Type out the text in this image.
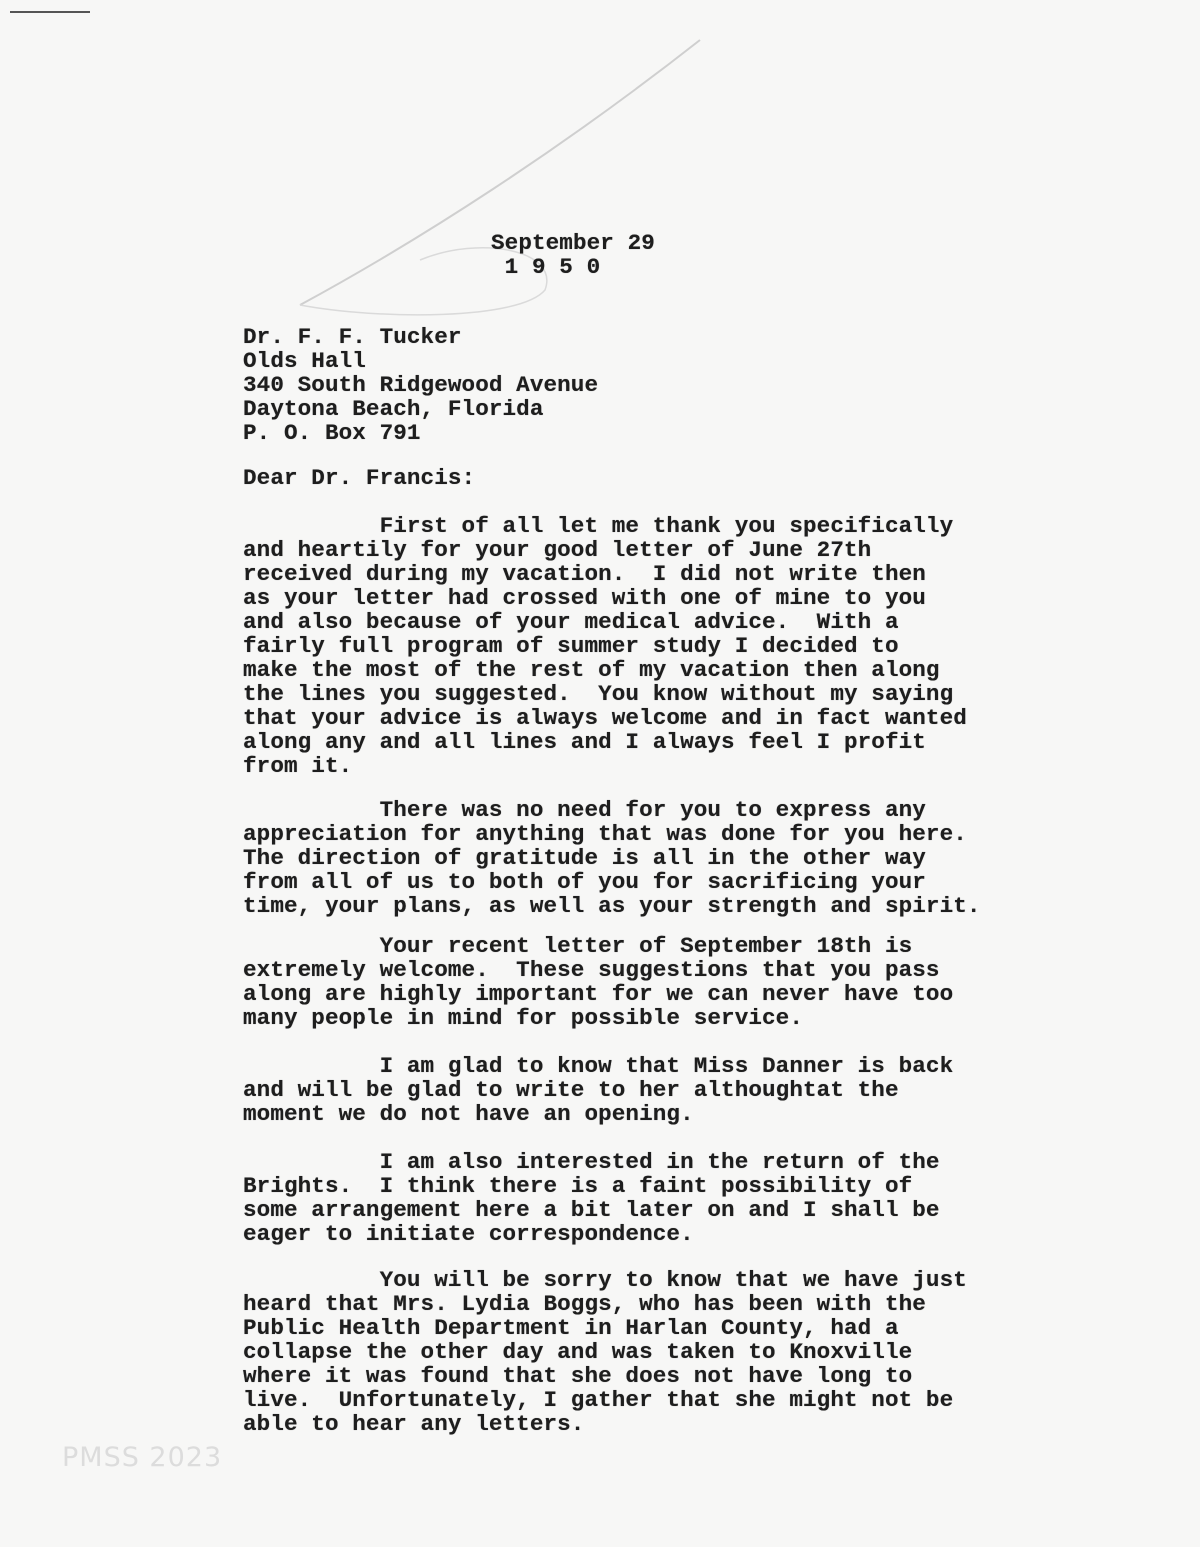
September 29
1 9 5 0
Dr. F. F. Tucker
Olds Hall
340 South Ridgewood Avenue
Daytona Beach, Florida
P. O. Box 791
Dear Dr. Francis:
First of all let me thank you specifically
and heartily for your good letter of June 27th
received during my vacation.  I did not write then
as your letter had crossed with one of mine to you
and also because of your medical advice.  With a
fairly full program of summer study I decided to
make the most of the rest of my vacation then along
the lines you suggested.  You know without my saying
that your advice is always welcome and in fact wanted
along any and all lines and I always feel I profit
from it.
There was no need for you to express any
appreciation for anything that was done for you here.
The direction of gratitude is all in the other way
from all of us to both of you for sacrificing your
time, your plans, as well as your strength and spirit.
Your recent letter of September 18th is
extremely welcome.  These suggestions that you pass
along are highly important for we can never have too
many people in mind for possible service.
I am glad to know that Miss Danner is back
and will be glad to write to her althoughtat the
moment we do not have an opening.
I am also interested in the return of the
Brights.  I think there is a faint possibility of
some arrangement here a bit later on and I shall be
eager to initiate correspondence.
You will be sorry to know that we have just
heard that Mrs. Lydia Boggs, who has been with the
Public Health Department in Harlan County, had a
collapse the other day and was taken to Knoxville
where it was found that she does not have long to
live.  Unfortunately, I gather that she might not be
able to hear any letters.
PMSS 2023
